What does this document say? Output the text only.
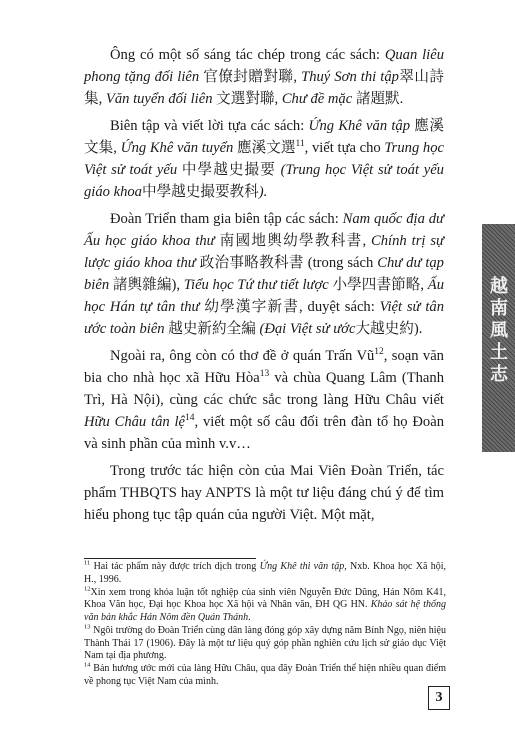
Ông có một số sáng tác chép trong các sách: Quan liêu phong tặng đối liên 官僚封贈對聯, Thuý Sơn thi tập翠山詩集, Văn tuyển đối liên 文選對聯, Chư đề mặc 諸題默.

Biên tập và viết lời tựa các sách: Ứng Khê văn tập 應溪文集, Ứng Khê văn tuyển 應溪文選$^{11}$, viết tựa cho Trung học Việt sử toát yếu 中學越史撮要 (Trung học Việt sử toát yếu giáo khoa中學越史撮要教科).

Đoàn Triển tham gia biên tập các sách: Nam quốc địa dư Ấu học giáo khoa thư 南國地輿幼學教科書, Chính trị sự lược giáo khoa thư 政治事略教科書 (trong sách Chư dư tạp biên 諸輿雜編), Tiểu học Tứ thư tiết lược 小學四書節略, Ấu học Hán tự tân thư 幼學漢字新書, duyệt sách: Việt sử tân ước toàn biên 越史新約全編 (Đại Việt sử ước大越史約).

Ngoài ra, ông còn có thơ đề ở quán Trấn $Vũ^{12}$, soạn văn bia cho nhà học xã Hữu Hòa$^{13}$ và chùa Quang Lâm (Thanh Trì, Hà Nội), cùng các chức sắc trong làng Hữu Châu viết Hữu Châu tân lệ$^{14}$, viết một số câu đối trên đàn tổ họ Đoàn và sinh phần của mình v.v…

Trong trước tác hiện còn của Mai Viên Đoàn Triển, tác phẩm THBQTS hay ANPTS là một tư liệu đáng chú ý để tìm hiểu phong tục tập quán của người Việt. Một mặt,

$^{11}$ Hai tác phẩm này được trích dịch trong Ứng Khê thi văn tập, Nxb. Khoa học Xã hội, H., 1996.

$^{12}$Xin xem trong khóa luận tốt nghiệp của sinh viên Nguyễn Đức Dũng, Hán Nôm K41, Khoa Văn học, Đại học Khoa học Xã hội và Nhân văn, ĐH QG HN. Khảo sát hệ thống văn bản khắc Hán Nôm đền Quán Thánh.

$^{13}$ Ngôi trường do Đoàn Triển cùng dân làng đóng góp xây dựng năm Bính Ngọ, niên hiệu Thành Thái 17 (1906). Đây là một tư liệu quý góp phần nghiên cứu lịch sử giáo dục Việt Nam tại địa phương.

$^{14}$ Bản hương ước mới của làng Hữu Châu, qua đây Đoàn Triển thể hiện nhiều quan điểm về phong tục Việt Nam của mình.

越南風土志
3
